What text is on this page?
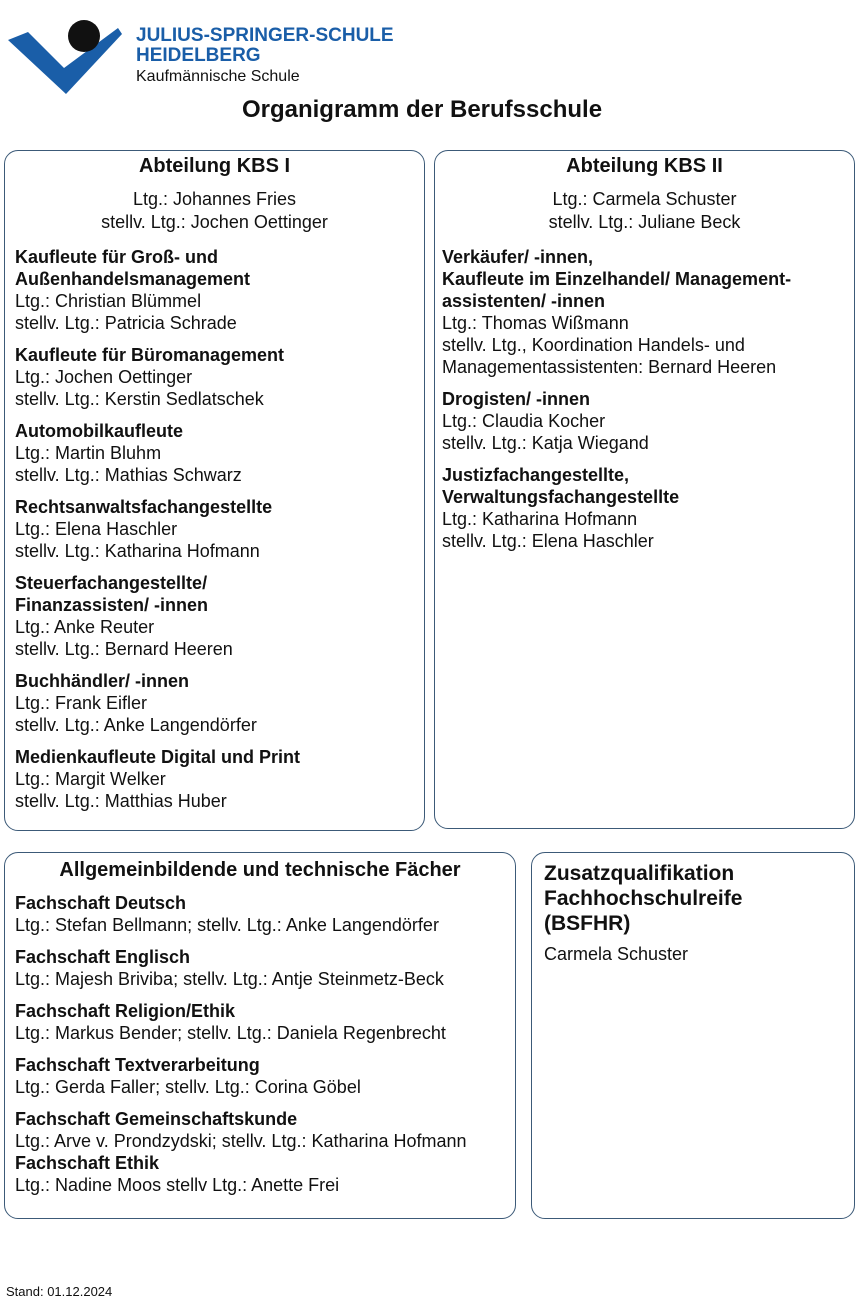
JULIUS-SPRINGER-SCHULE
HEIDELBERG
Kaufmännische Schule
Organigramm der Berufsschule
Abteilung KBS I
Ltg.: Johannes Fries
stellv. Ltg.: Jochen Oettinger
Kaufleute für Groß- und
Außenhandelsmanagement
Ltg.: Christian Blümmel
stellv. Ltg.: Patricia Schrade
Kaufleute für Büromanagement
Ltg.: Jochen Oettinger
stellv. Ltg.: Kerstin Sedlatschek
Automobilkaufleute
Ltg.: Martin Bluhm
stellv. Ltg.: Mathias Schwarz
Rechtsanwaltsfachangestellte
Ltg.: Elena Haschler
stellv. Ltg.: Katharina Hofmann
Steuerfachangestellte/
Finanzassisten/ -innen
Ltg.: Anke Reuter
stellv. Ltg.: Bernard Heeren
Buchhändler/ -innen
Ltg.: Frank Eifler
stellv. Ltg.: Anke Langendörfer
Medienkaufleute Digital und Print
Ltg.: Margit Welker
stellv. Ltg.: Matthias Huber
Abteilung KBS II
Ltg.: Carmela Schuster
stellv. Ltg.: Juliane Beck
Verkäufer/ -innen,
Kaufleute im Einzelhandel/ Management-
assistenten/ -innen
Ltg.: Thomas Wißmann
stellv. Ltg., Koordination Handels- und
Managementassistenten: Bernard Heeren
Drogisten/ -innen
Ltg.: Claudia Kocher
stellv. Ltg.: Katja Wiegand
Justizfachangestellte,
Verwaltungsfachangestellte
Ltg.: Katharina Hofmann
stellv. Ltg.: Elena Haschler
Allgemeinbildende und technische Fächer
Fachschaft Deutsch
Ltg.: Stefan Bellmann; stellv. Ltg.: Anke Langendörfer
Fachschaft Englisch
Ltg.: Majesh Briviba; stellv. Ltg.: Antje Steinmetz-Beck
Fachschaft Religion/Ethik
Ltg.: Markus Bender; stellv. Ltg.: Daniela Regenbrecht
Fachschaft Textverarbeitung
Ltg.: Gerda Faller; stellv. Ltg.: Corina Göbel
Fachschaft Gemeinschaftskunde
Ltg.: Arve v. Prondzydski; stellv. Ltg.: Katharina Hofmann
Fachschaft Ethik
Ltg.: Nadine Moos stellv Ltg.: Anette Frei
Zusatzqualifikation
Fachhochschulreife
(BSFHR)
Carmela Schuster
Stand: 01.12.2024
